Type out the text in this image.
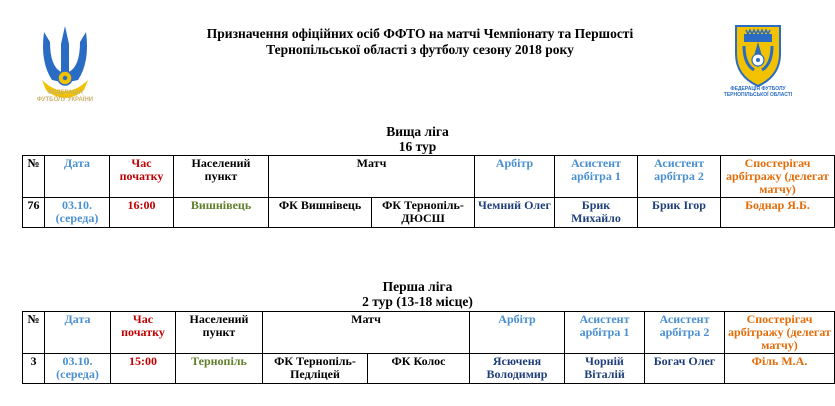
ФЕДЕРАЦІЯ ФУТБОЛУ УКРАЇНИ
Призначення офіційних осіб ФФТО на матчі Чемпіонату та Першості
Тернопільської області з футболу сезону 2018 року
ФЕДЕРАЦІЯ ФУТБОЛУ ТЕРНОПІЛЬСЬКОЇ ОБЛАСТІ
Вища ліга
16 тур
№	Дата	Час початку	Населений пункт	Матч		Арбітр	Асистент арбітра 1	Асистент арбітра 2	Спостерігач арбітражу (делегат матчу)
76	03.10. (середа)	16:00	Вишнівець	ФК Вишнівець	ФК Тернопіль-ДЮСШ	Чемний Олег	Брик Михайло	Брик Ігор	Боднар Я.Б.
Перша ліга
2 тур (13-18 місце)
№	Дата	Час початку	Населений пункт	Матч		Арбітр	Асистент арбітра 1	Асистент арбітра 2	Спостерігач арбітражу (делегат матчу)
3	03.10. (середа)	15:00	Тернопіль	ФК Тернопіль-Педліцей	ФК Колос	Ясюченя Володимир	Чорній Віталій	Богач Олег	Філь М.А.
